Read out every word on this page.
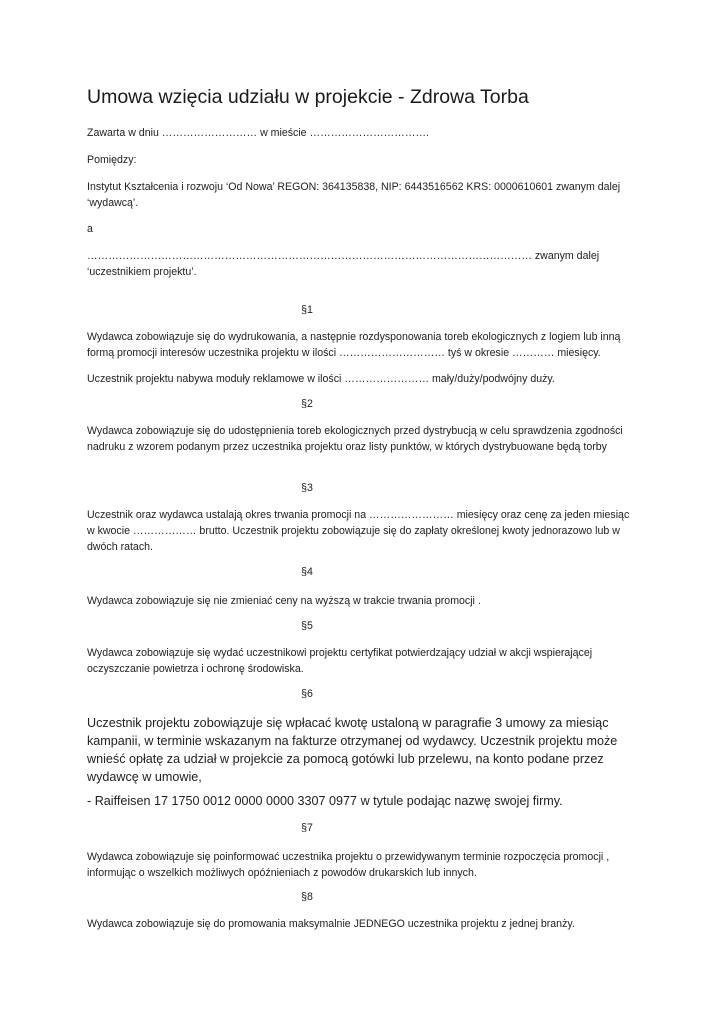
Umowa wzięcia udziału w projekcie - Zdrowa Torba

Zawarta w dniu ……………………… w mieście …………………………….

Pomiędzy:

Instytut Kształcenia i rozwoju ‘Od Nowa’ REGON: 364135838, NIP: 6443516562 KRS: 0000610601 zwanym dalej ‘wydawcą’.

a

……………………………………………………………………………………………………………… zwanym dalej ‘uczestnikiem projektu’.

§1

Wydawca zobowiązuje się do wydrukowania, a następnie rozdysponowania toreb ekologicznych z logiem lub inną formą promocji interesów uczestnika projektu w ilości ………………………… tyś w okresie ………… miesięcy.

Uczestnik projektu nabywa moduły reklamowe w ilości …………………… mały/duży/podwójny duży.

§2

Wydawca zobowiązuje się do udostępnienia toreb ekologicznych przed dystrybucją w celu sprawdzenia zgodności nadruku z wzorem podanym przez uczestnika projektu oraz listy punktów, w których dystrybuowane będą torby

§3

Uczestnik oraz wydawca ustalają okres trwania promocji na …………………… miesięcy oraz cenę za jeden miesiąc w kwocie ……………… brutto. Uczestnik projektu zobowiązuje się do zapłaty określonej kwoty jednorazowo lub w dwóch ratach.

§4

Wydawca zobowiązuje się nie zmieniać ceny na wyższą w trakcie trwania promocji .

§5

Wydawca zobowiązuje się wydać uczestnikowi projektu certyfikat potwierdzający udział w akcji wspierającej oczyszczanie powietrza i ochronę środowiska.

§6

Uczestnik projektu zobowiązuje się wpłacać kwotę ustaloną w paragrafie 3 umowy za miesiąc kampanii, w terminie wskazanym na fakturze otrzymanej od wydawcy. Uczestnik projektu może wnieść opłatę za udział w projekcie za pomocą gotówki lub przelewu, na konto podane przez wydawcę w umowie,

- Raiffeisen 17 1750 0012 0000 0000 3307 0977 w tytule podając nazwę swojej firmy.

§7

Wydawca zobowiązuje się poinformować uczestnika projektu o przewidywanym terminie rozpoczęcia promocji , informując o wszelkich możliwych opóźnieniach z powodów drukarskich lub innych.

§8

Wydawca zobowiązuje się do promowania maksymalnie JEDNEGO uczestnika projektu z jednej branży.
